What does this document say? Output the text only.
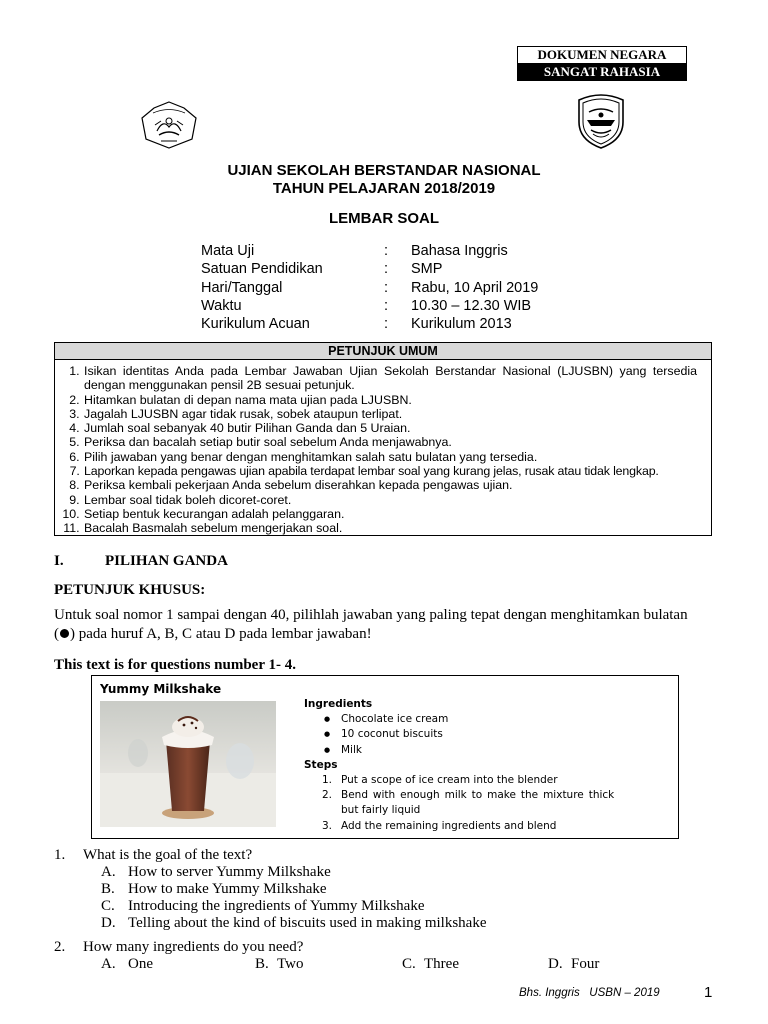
DOKUMEN NEGARA
SANGAT RAHASIA
UJIAN SEKOLAH BERSTANDAR NASIONAL
TAHUN PELAJARAN 2018/2019
LEMBAR SOAL
Mata Uji	: Bahasa Inggris
Satuan Pendidikan	: SMP
Hari/Tanggal	: Rabu, 10 April 2019
Waktu	: 10.30 – 12.30 WIB
Kurikulum Acuan	: Kurikulum 2013
PETUNJUK UMUM
1. Isikan identitas Anda pada Lembar Jawaban Ujian Sekolah Berstandar Nasional (LJUSBN) yang tersedia dengan menggunakan pensil 2B sesuai petunjuk.
2. Hitamkan bulatan di depan nama mata ujian pada LJUSBN.
3. Jagalah LJUSBN agar tidak rusak, sobek ataupun terlipat.
4. Jumlah soal sebanyak 40 butir Pilihan Ganda dan 5 Uraian.
5. Periksa dan bacalah setiap butir soal sebelum Anda menjawabnya.
6. Pilih jawaban yang benar dengan menghitamkan salah satu bulatan yang tersedia.
7. Laporkan kepada pengawas ujian apabila terdapat lembar soal yang kurang jelas, rusak atau tidak lengkap.
8. Periksa kembali pekerjaan Anda sebelum diserahkan kepada pengawas ujian.
9. Lembar soal tidak boleh dicoret-coret.
10. Setiap bentuk kecurangan adalah pelanggaran.
11. Bacalah Basmalah sebelum mengerjakan soal.
I.	PILIHAN GANDA
PETUNJUK KHUSUS:
Untuk soal nomor 1 sampai dengan 40, pilihlah jawaban yang paling tepat dengan menghitamkan bulatan
( ) pada huruf A, B, C atau D pada lembar jawaban!
This text is for questions number 1- 4.
Yummy Milkshake
Ingredients
● Chocolate ice cream
● 10 coconut biscuits
● Milk
Steps
1. Put a scope of ice cream into the blender
2. Bend with enough milk to make the mixture thick
but fairly liquid
3. Add the remaining ingredients and blend
1. What is the goal of the text?
A. How to server Yummy Milkshake
B. How to make Yummy Milkshake
C. Introducing the ingredients of Yummy Milkshake
D. Telling about the kind of biscuits used in making milkshake
2. How many ingredients do you need?
A. One	B. Two	C. Three	D. Four
Bhs. Inggris   USBN – 2019	1
